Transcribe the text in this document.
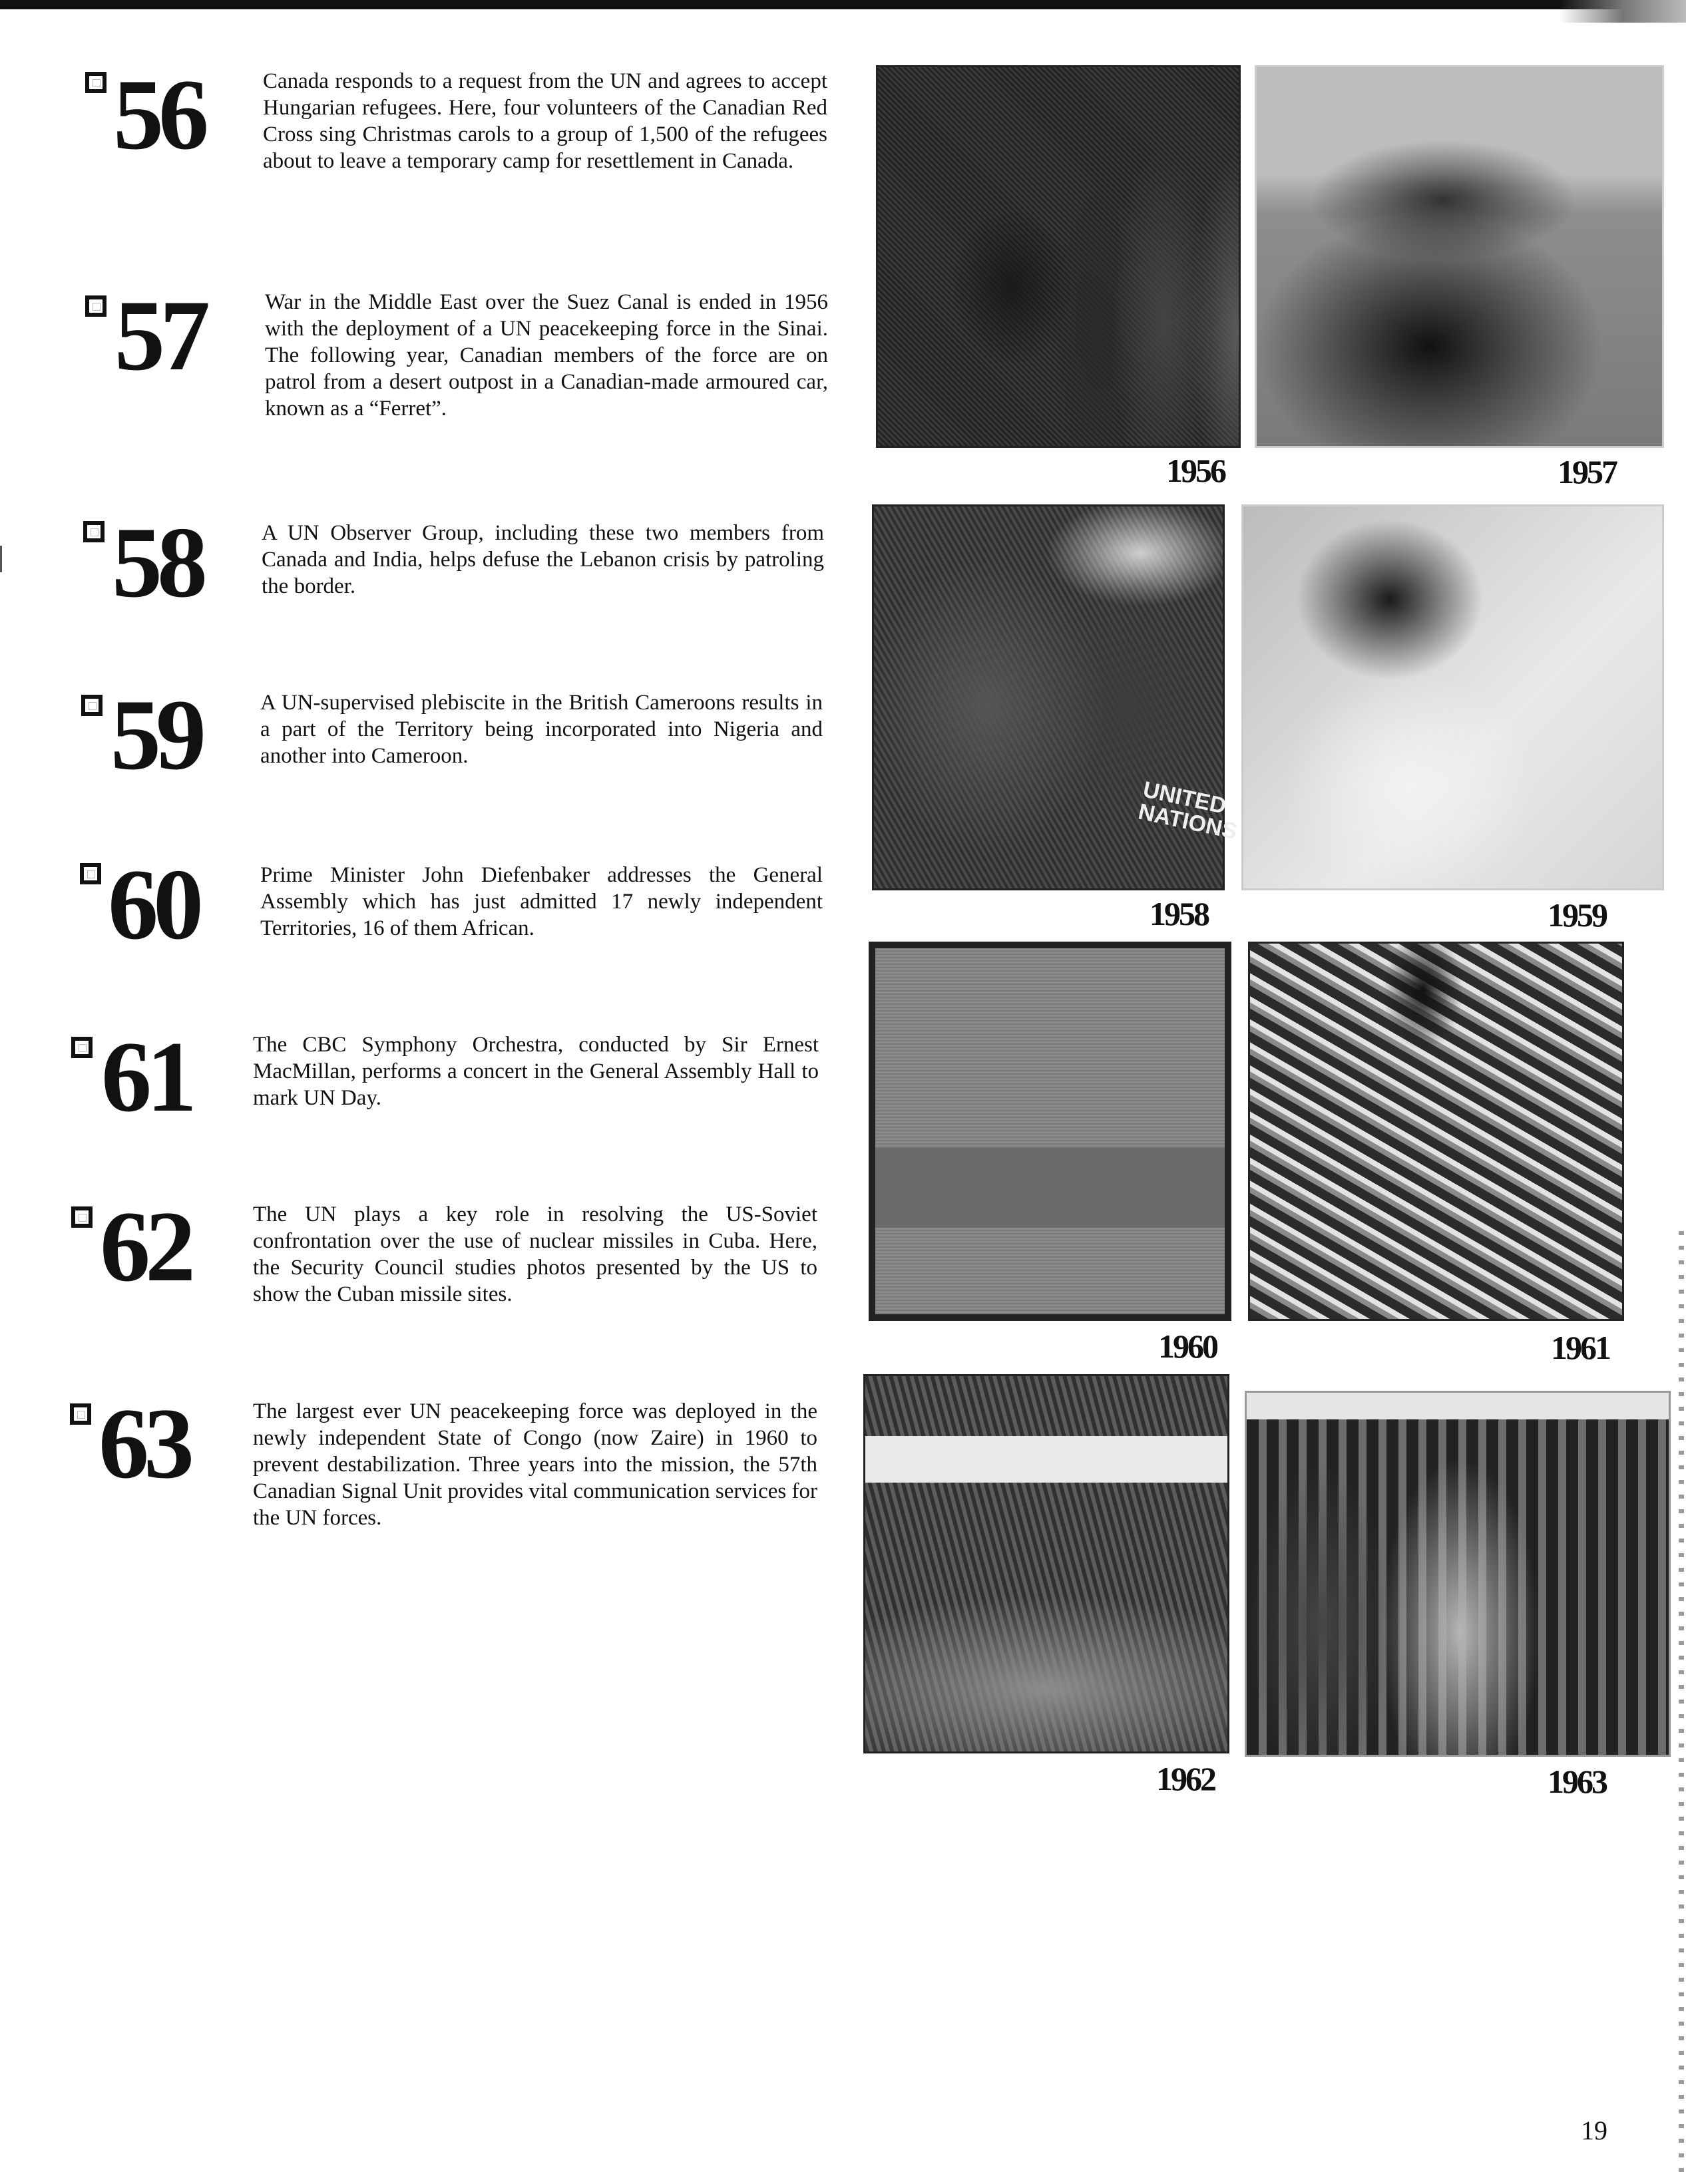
56	Canada responds to a request from the UN and agrees to accept Hungarian refugees. Here, four volunteers of the Canadian Red Cross sing Christmas carols to a group of 1,500 of the refugees about to leave a temporary camp for resettlement in Canada.
57	War in the Middle East over the Suez Canal is ended in 1956 with the deployment of a UN peacekeeping force in the Sinai. The following year, Canadian members of the force are on patrol from a desert outpost in a Canadian-made armoured car, known as a “Ferret”.
58	A UN Observer Group, including these two members from Canada and India, helps defuse the Lebanon crisis by patroling the border.
59	A UN-supervised plebiscite in the British Cameroons results in a part of the Territory being incorporated into Nigeria and another into Cameroon.
60	Prime Minister John Diefenbaker addresses the General Assembly which has just admitted 17 newly independent Territories, 16 of them African.
61	The CBC Symphony Orchestra, conducted by Sir Ernest MacMillan, performs a concert in the General Assembly Hall to mark UN Day.
62	The UN plays a key role in resolving the US-Soviet confrontation over the use of nuclear missiles in Cuba. Here, the Security Council studies photos presented by the US to show the Cuban missile sites.
63	The largest ever UN peacekeeping force was deployed in the newly independent State of Congo (now Zaire) in 1960 to prevent destabilization. Three years into the mission, the 57th Canadian Signal Unit provides vital communication services for the UN forces.
1956	1957
UNITED NATIONS
1958	1959
1960	1961
1962	1963
19
